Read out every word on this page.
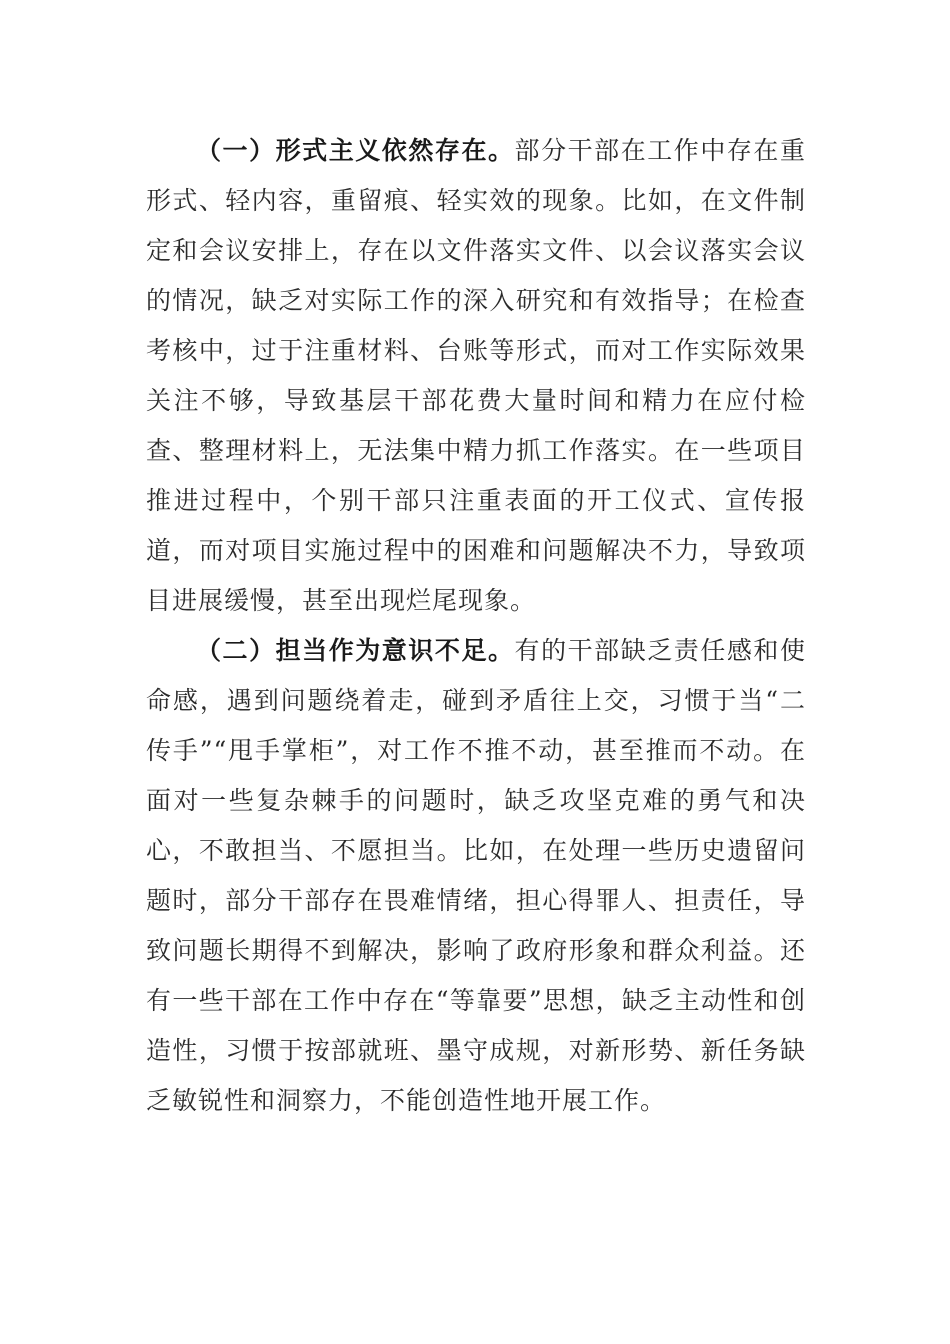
（一）形式主义依然存在。部分干部在工作中存在重形式、轻内容，重留痕、轻实效的现象。比如，在文件制定和会议安排上，存在以文件落实文件、以会议落实会议的情况，缺乏对实际工作的深入研究和有效指导；在检查考核中，过于注重材料、台账等形式，而对工作实际效果关注不够，导致基层干部花费大量时间和精力在应付检查、整理材料上，无法集中精力抓工作落实。在一些项目推进过程中，个别干部只注重表面的开工仪式、宣传报道，而对项目实施过程中的困难和问题解决不力，导致项目进展缓慢，甚至出现烂尾现象。

（二）担当作为意识不足。有的干部缺乏责任感和使命感，遇到问题绕着走，碰到矛盾往上交，习惯于当“二传手”“甩手掌柜”，对工作不推不动，甚至推而不动。在面对一些复杂棘手的问题时，缺乏攻坚克难的勇气和决心，不敢担当、不愿担当。比如，在处理一些历史遗留问题时，部分干部存在畏难情绪，担心得罪人、担责任，导致问题长期得不到解决，影响了政府形象和群众利益。还有一些干部在工作中存在“等靠要”思想，缺乏主动性和创造性，习惯于按部就班、墨守成规，对新形势、新任务缺乏敏锐性和洞察力，不能创造性地开展工作。
